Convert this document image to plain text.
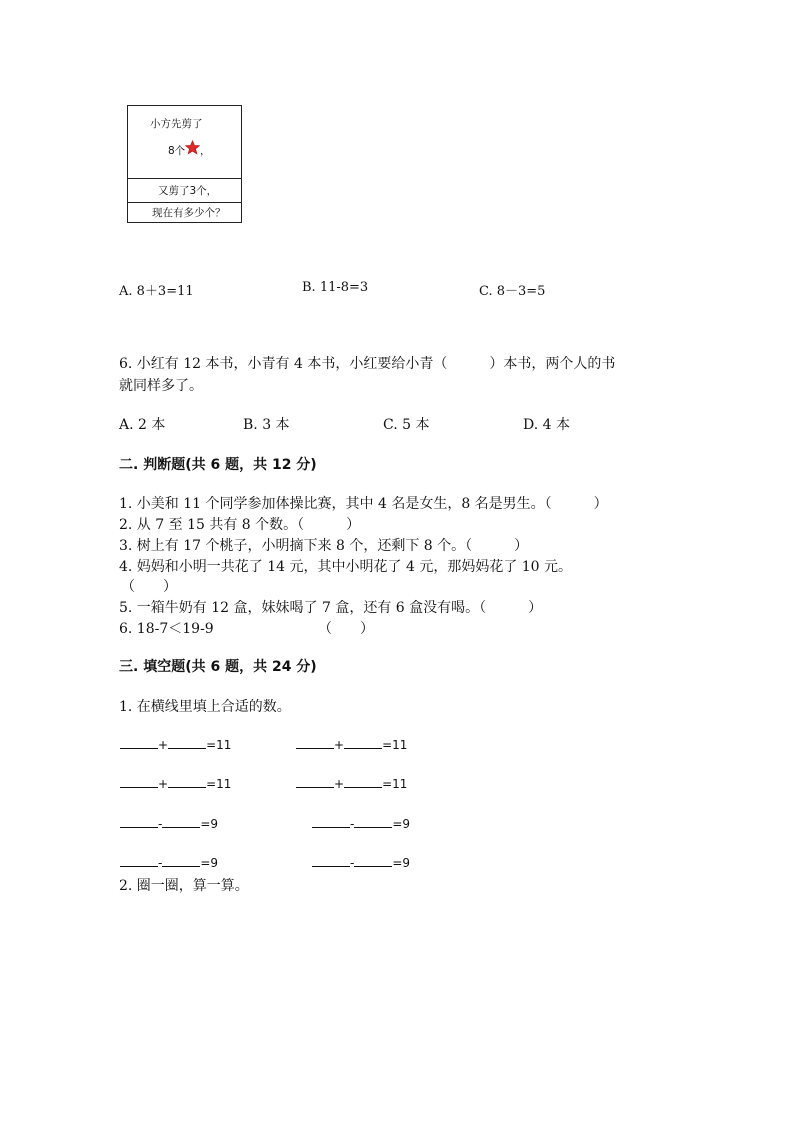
小方先剪了
8个 ，
又剪了3个，
现在有多少个？
A. 8＋3=11	B. 11-8=3	C. 8－3=5
6. 小红有 12 本书，小青有 4 本书，小红要给小青（　　　）本书，两个人的书
就同样多了。
A. 2 本	B. 3 本	C. 5 本	D. 4 本
二. 判断题(共 6 题，共 12 分)
1. 小美和 11 个同学参加体操比赛，其中 4 名是女生，8 名是男生。（　　　）
2. 从 7 至 15 共有 8 个数。（　　　）
3. 树上有 17 个桃子，小明摘下来 8 个，还剩下 8 个。（　　　）
4. 妈妈和小明一共花了 14 元，其中小明花了 4 元，那妈妈花了 10 元。
（　　）
5. 一箱牛奶有 12 盒，妹妹喝了 7 盒，还有 6 盒没有喝。（　　　）
6. 18-7＜19-9	（　　）
三. 填空题(共 6 题，共 24 分)
1. 在横线里填上合适的数。
+	=11	+	=11
+	=11	+	=11
-	=9	-	=9
-	=9	-	=9
2. 圈一圈，算一算。
